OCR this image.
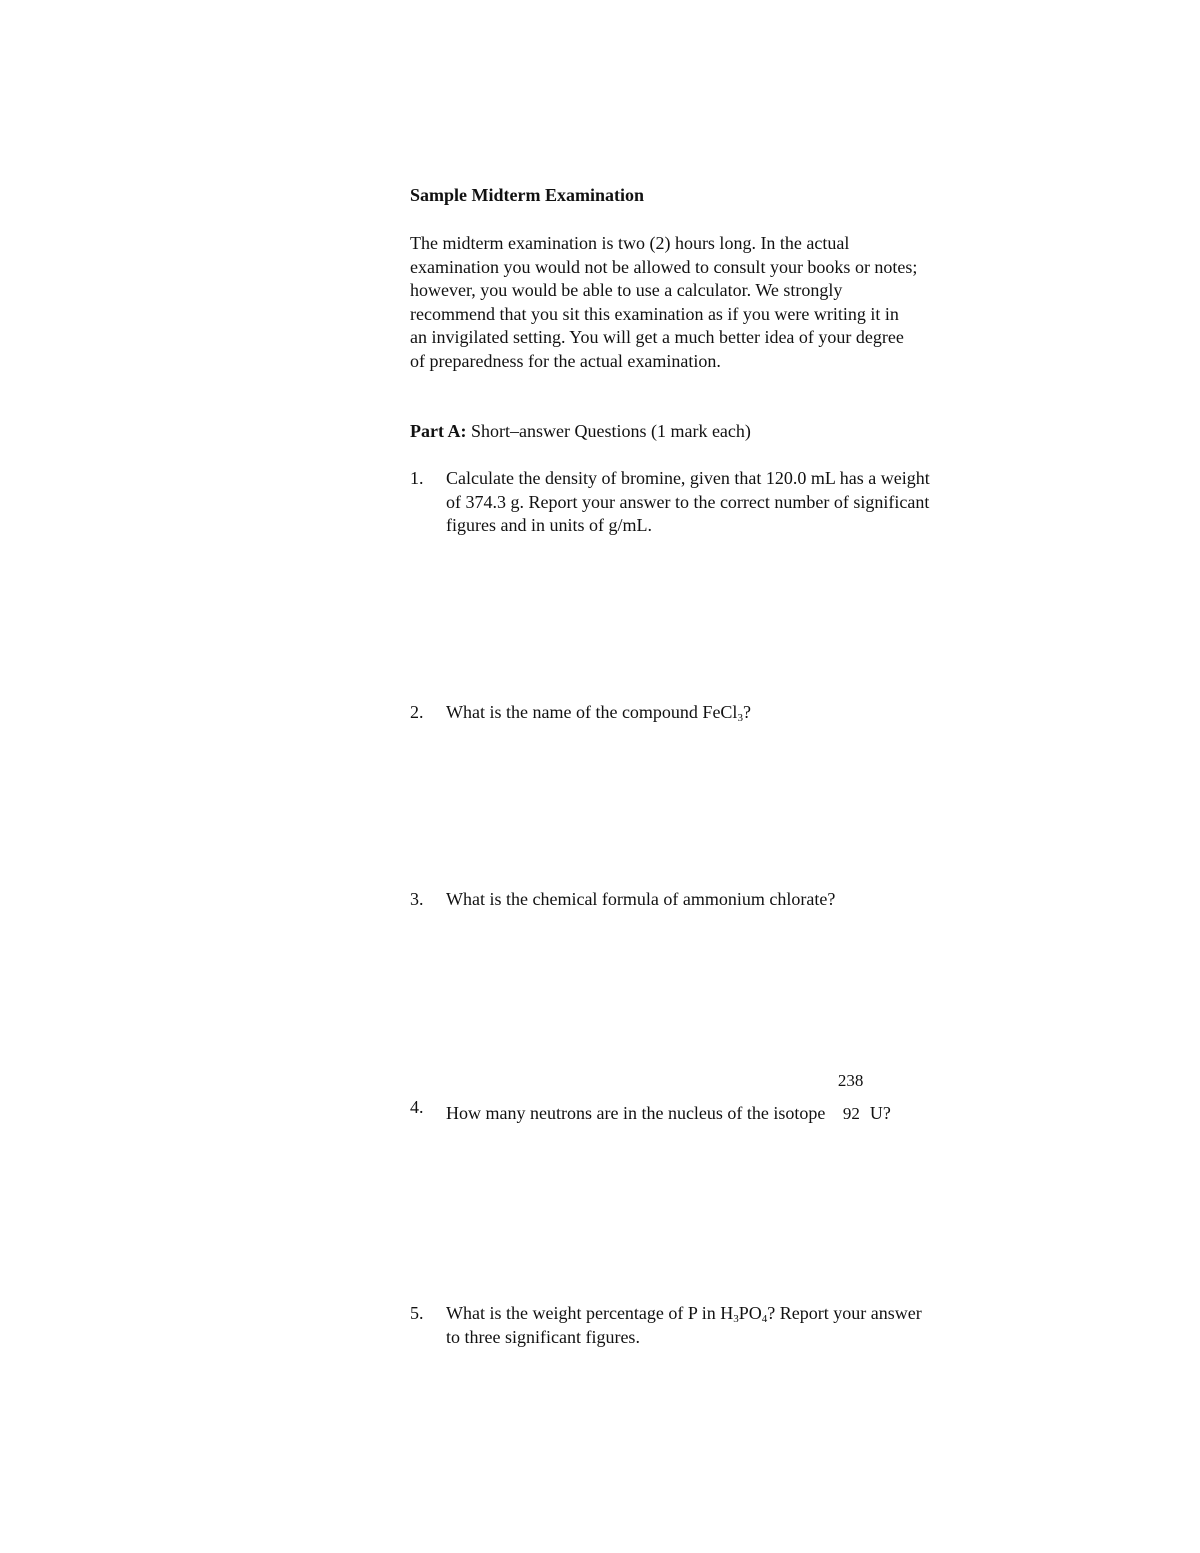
Sample Midterm Examination
The midterm examination is two (2) hours long. In the actual
examination you would not be allowed to consult your books or notes;
however, you would be able to use a calculator. We strongly
recommend that you sit this examination as if you were writing it in
an invigilated setting. You will get a much better idea of your degree
of preparedness for the actual examination.
Part A: Short–answer Questions (1 mark each)
1.	Calculate the density of bromine, given that 120.0 mL has a weight
of 374.3 g. Report your answer to the correct number of significant
figures and in units of g/mL.
2.	What is the name of the compound FeCl$_3$?
3.	What is the chemical formula of ammonium chlorate?
4.	How many neutrons are in the nucleus of the isotope
238
92 U?
5.	What is the weight percentage of P in $H_3PO_4$? Report your answer
to three significant figures.
